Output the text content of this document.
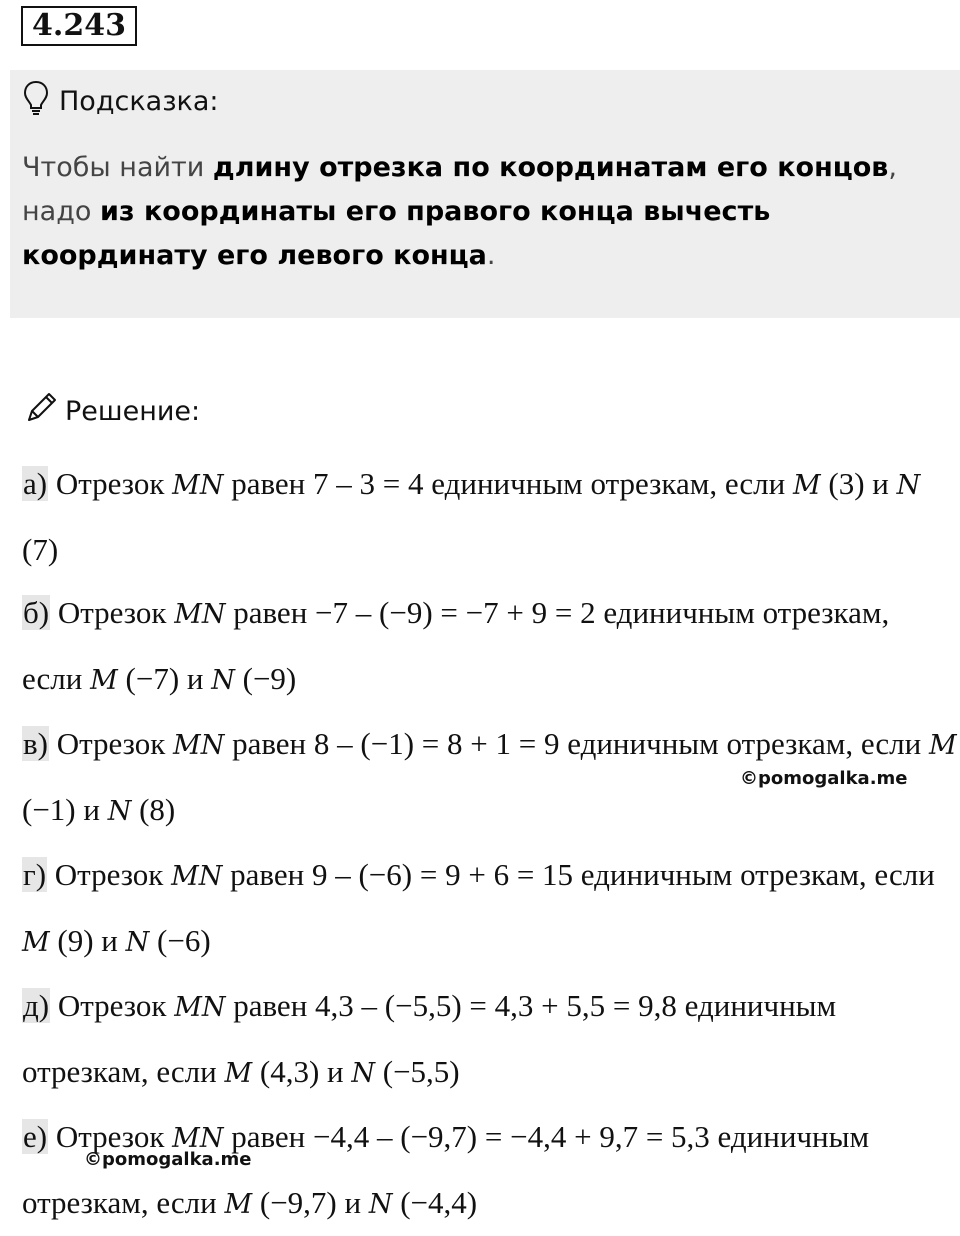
4.243
Подсказка:
Чтобы найти длину отрезка по координатам его концов, надо из координаты его правого конца вычесть координату его левого конца.
Решение:

а) Отрезок MN равен 7 – 3 = 4 единичным отрезкам, если M (3) и N (7)

б) Отрезок MN равен −7 – (−9) = −7 + 9 = 2 единичным отрезкам, если M (−7) и N (−9)

в) Отрезок MN равен 8 – (−1) = 8 + 1 = 9 единичным отрезкам, если M (−1) и N (8)

г) Отрезок MN равен 9 – (−6) = 9 + 6 = 15 единичным отрезкам, если M (9) и N (−6)

д) Отрезок MN равен 4,3 – (−5,5) = 4,3 + 5,5 = 9,8 единичным отрезкам, если M (4,3) и N (−5,5)

е) Отрезок MN равен −4,4 – (−9,7) = −4,4 + 9,7 = 5,3 единичным отрезкам, если M (−9,7) и N (−4,4)

©pomogalka.me
©pomogalka.me
